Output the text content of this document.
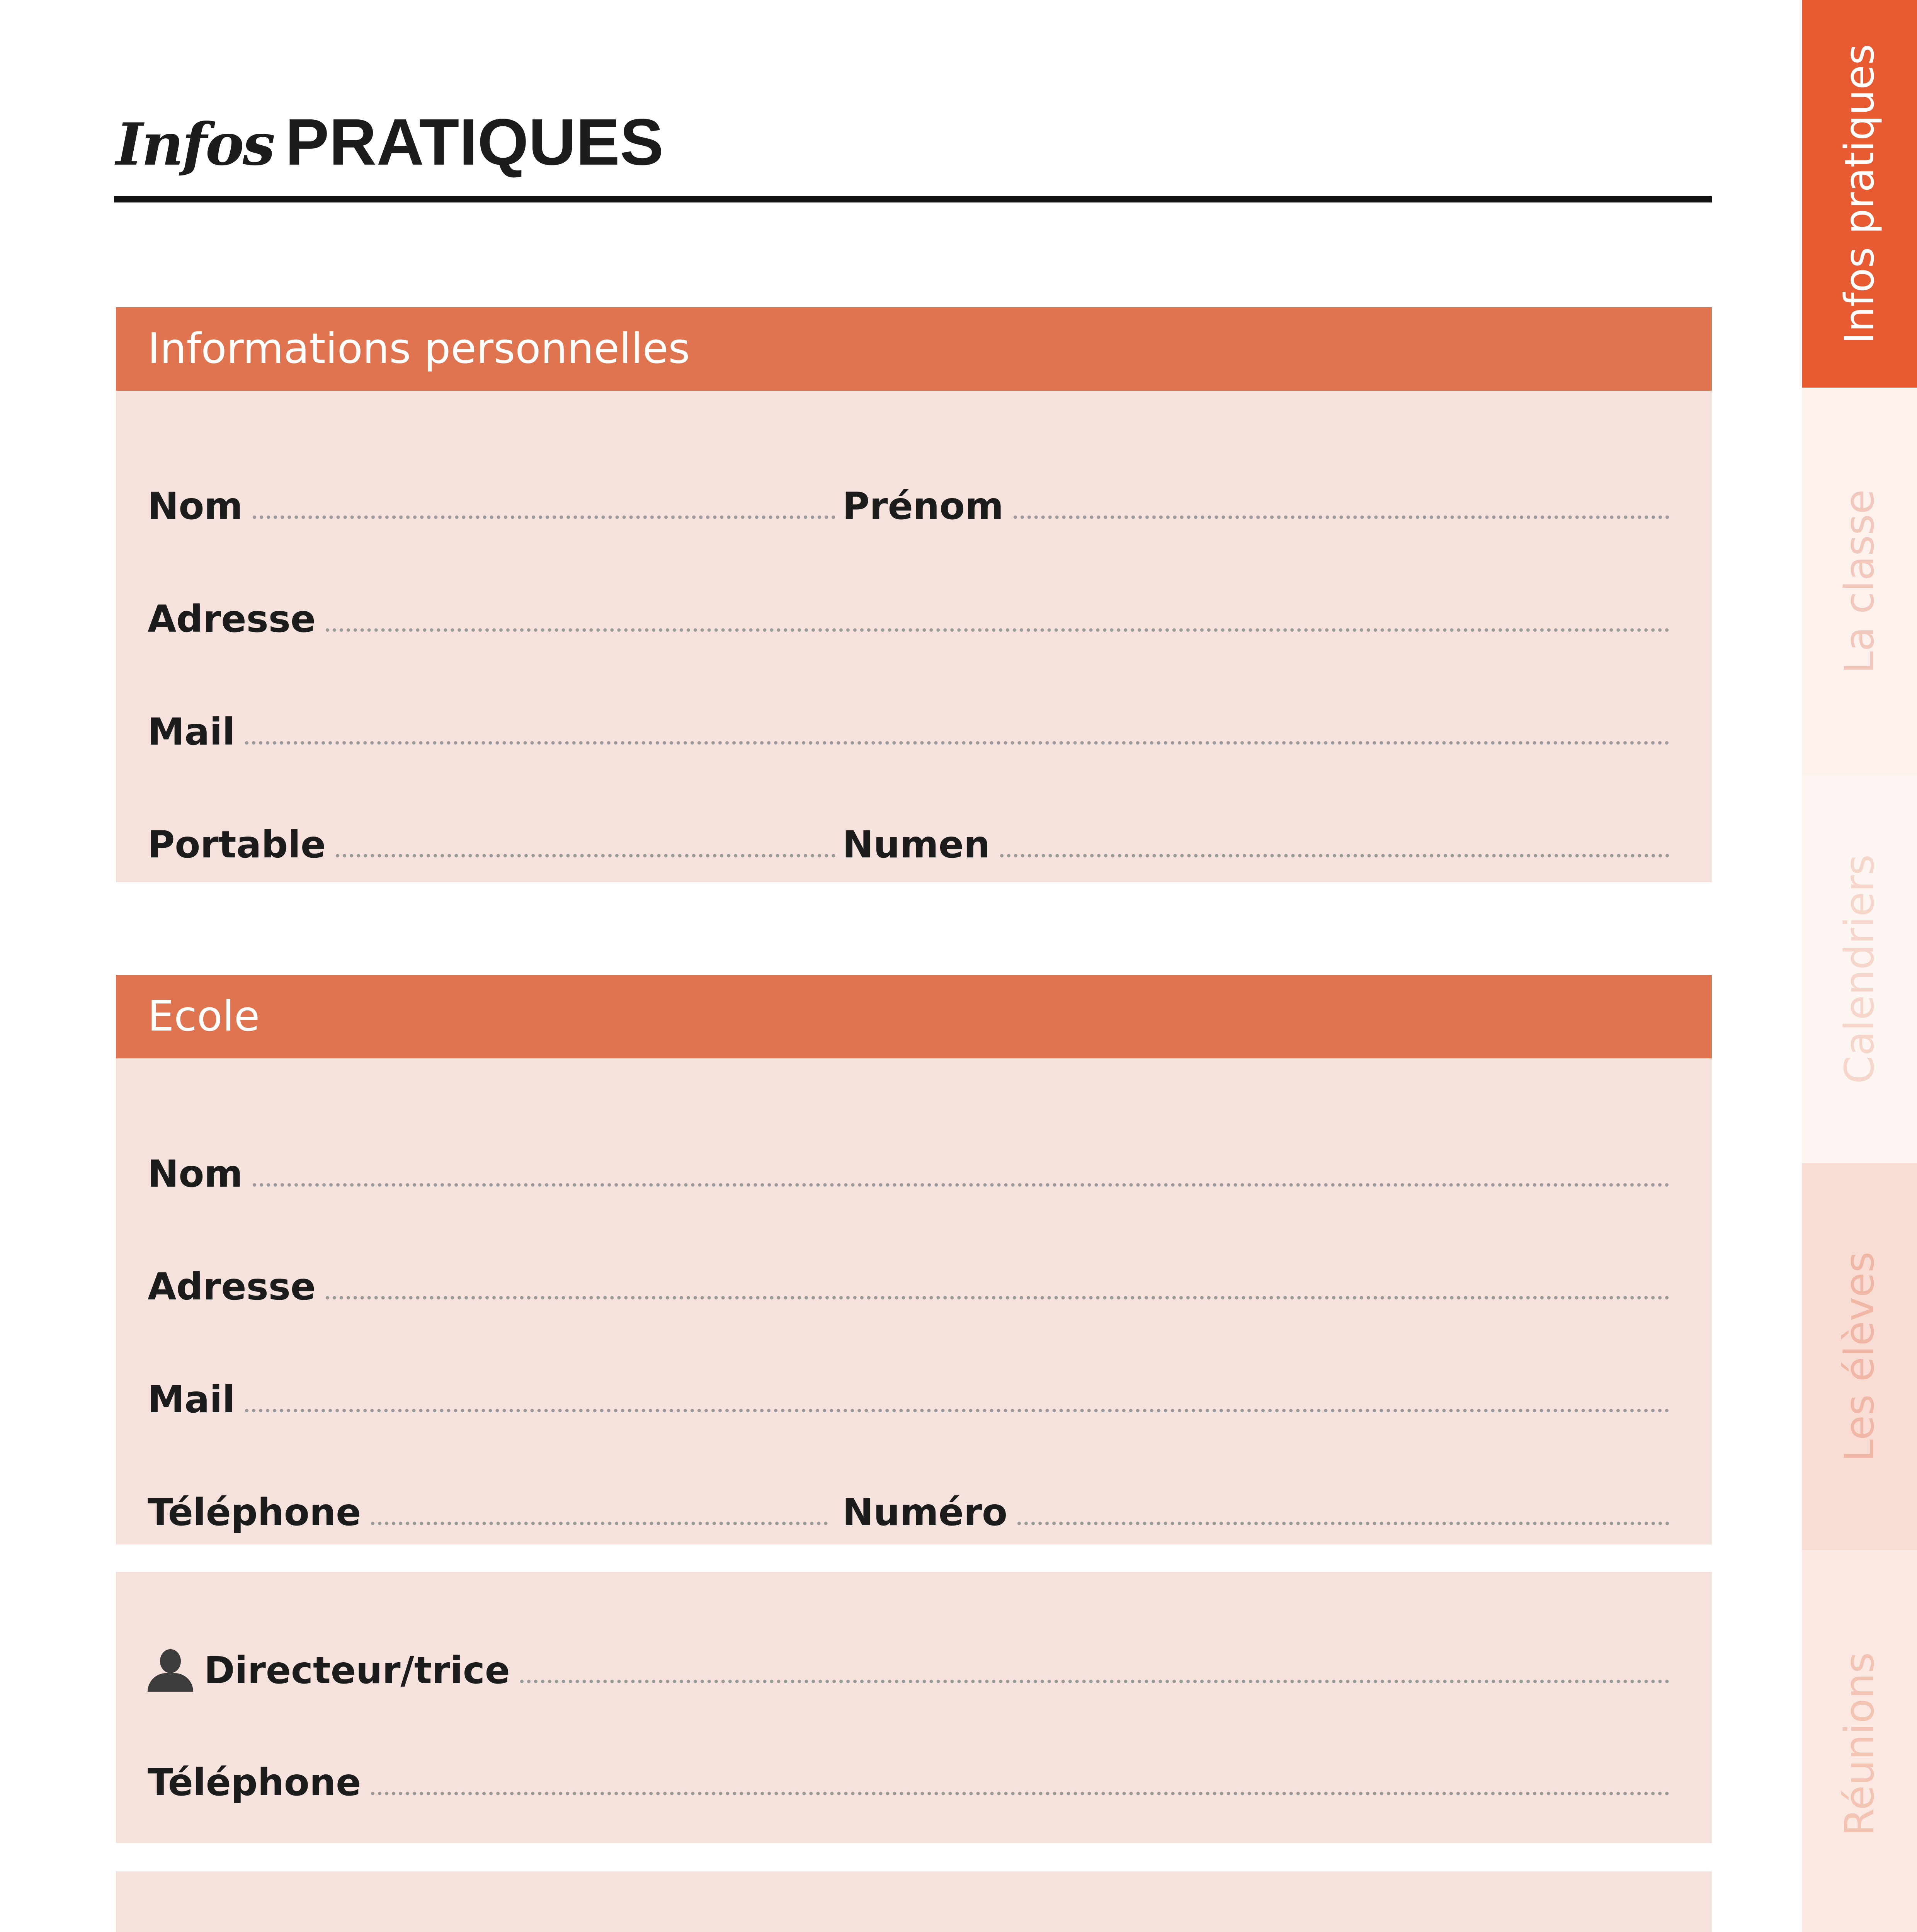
Infos PRATIQUES
Informations personnelles
Nom	Prénom
Adresse
Mail
Portable	Numen
Ecole
Nom
Adresse
Mail
Téléphone	Numéro
Directeur/trice
Téléphone
Infos pratiques
La classe
Calendriers
Les élèves
Réunions
